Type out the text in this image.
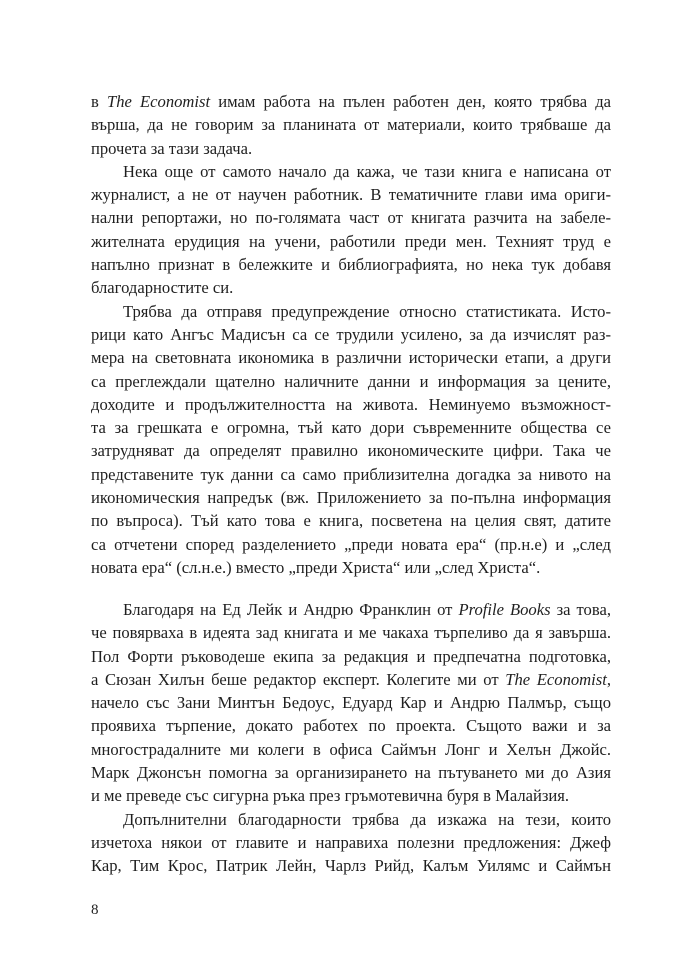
в The Economist имам работа на пълен работен ден, която трябва да
върша, да не говорим за планината от материали, които трябваше да
прочета за тази задача.
Нека още от самото начало да кажа, че тази книга е написана от
журналист, а не от научен работник. В тематичните глави има ориги-
нални репортажи, но по-голямата част от книгата разчита на забеле-
жителната ерудиция на учени, работили преди мен. Техният труд е
напълно признат в бележките и библиографията, но нека тук добавя
благодарностите си.
Трябва да отправя предупреждение относно статистиката. Исто-
рици като Ангъс Мадисън са се трудили усилено, за да изчислят раз-
мера на световната икономика в различни исторически етапи, а други
са преглеждали щателно наличните данни и информация за цените,
доходите и продължителността на живота. Неминуемо възможност-
та за грешката е огромна, тъй като дори съвременните общества се
затрудняват да определят правилно икономическите цифри. Така че
представените тук данни са само приблизителна догадка за нивото на
икономическия напредък (вж. Приложението за по-пълна информация
по въпроса). Тъй като това е книга, посветена на целия свят, датите
са отчетени според разделението „преди новата ера“ (пр.н.е) и „след
новата ера“ (сл.н.е.) вместо „преди Христа“ или „след Христа“.
Благодаря на Ед Лейк и Андрю Франклин от Profile Books за това,
че повярваха в идеята зад книгата и ме чакаха търпеливо да я завърша.
Пол Форти ръководеше екипа за редакция и предпечатна подготовка,
а Сюзан Хилън беше редактор експерт. Колегите ми от The Economist,
начело със Зани Минтън Бедоус, Едуард Кар и Андрю Палмър, също
проявиха търпение, докато работех по проекта. Същото важи и за
многострадалните ми колеги в офиса Саймън Лонг и Хелън Джойс.
Марк Джонсън помогна за организирането на пътуването ми до Азия
и ме преведе със сигурна ръка през гръмотевична буря в Малайзия.
Допълнителни благодарности трябва да изкажа на тези, които
изчетоха някои от главите и направиха полезни предложения: Джеф
Кар, Тим Крос, Патрик Лейн, Чарлз Рийд, Калъм Уилямс и Саймън
8
